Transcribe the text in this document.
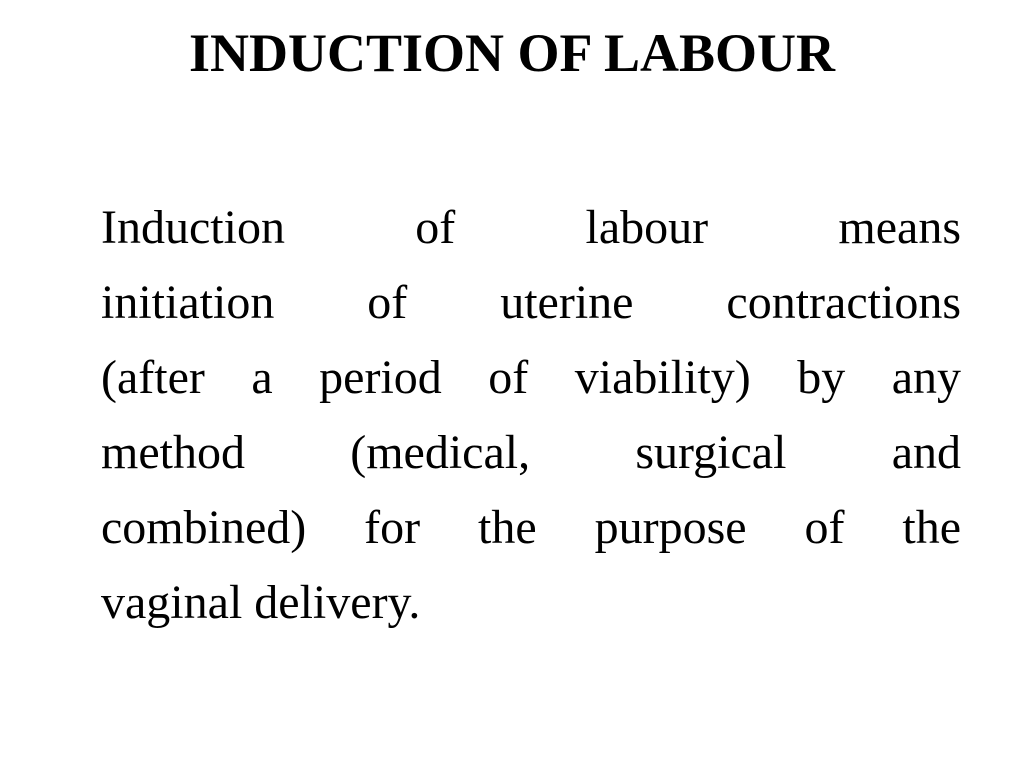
INDUCTION OF LABOUR
Induction of labour means
initiation of uterine contractions
(after a period of viability) by any
method (medical, surgical and
combined) for the purpose of the
vaginal delivery.
